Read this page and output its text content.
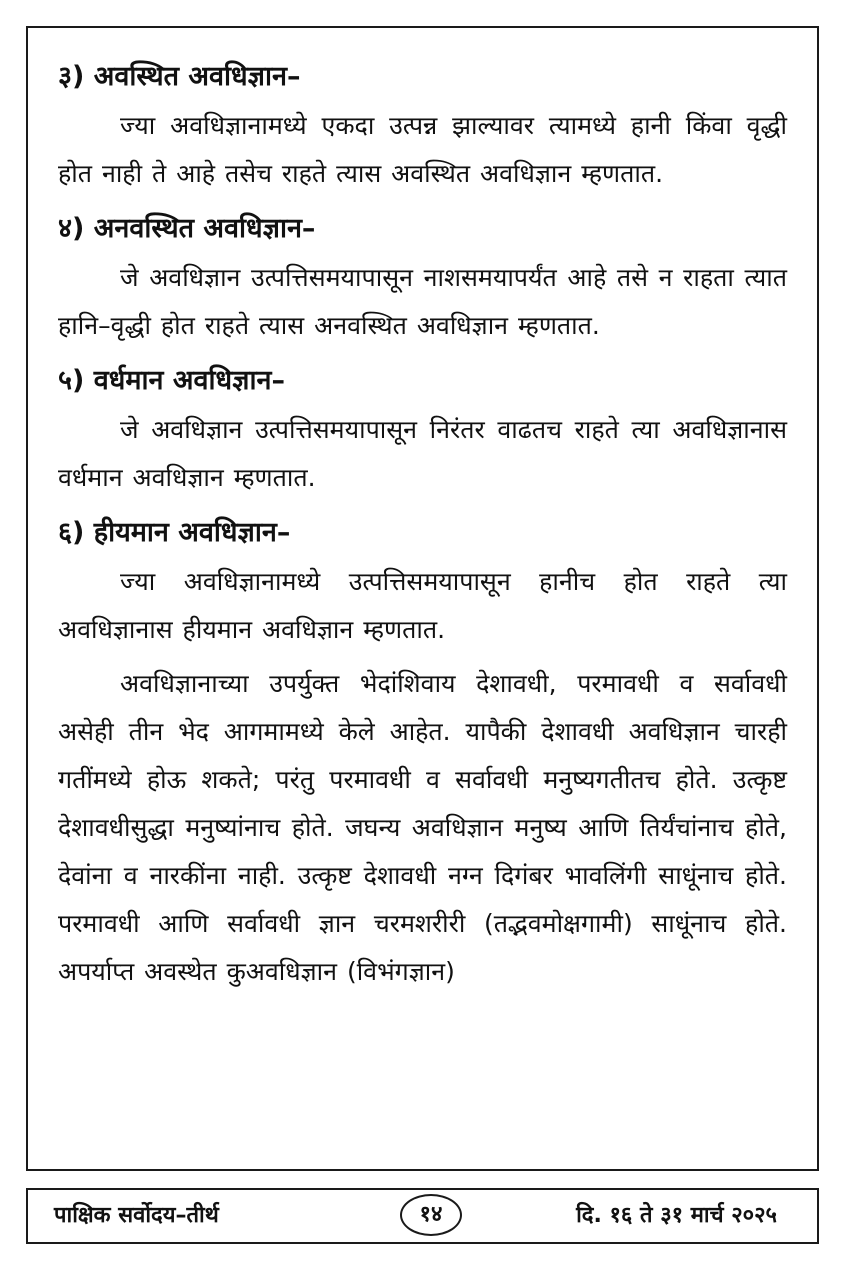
३) अवस्थित अवधिज्ञान–

ज्या अवधिज्ञानामध्ये एकदा उत्पन्न झाल्यावर त्यामध्ये हानी किंवा वृद्धी होत नाही ते आहे तसेच राहते त्यास अवस्थित अवधिज्ञान म्हणतात.

४) अनवस्थित अवधिज्ञान–

जे अवधिज्ञान उत्पत्तिसमयापासून नाशसमयापर्यंत आहे तसे न राहता त्यात हानि–वृद्धी होत राहते त्यास अनवस्थित अवधिज्ञान म्हणतात.

५) वर्धमान अवधिज्ञान–

जे अवधिज्ञान उत्पत्तिसमयापासून निरंतर वाढतच राहते त्या अवधिज्ञानास वर्धमान अवधिज्ञान म्हणतात.

६) हीयमान अवधिज्ञान–

ज्या अवधिज्ञानामध्ये उत्पत्तिसमयापासून हानीच होत राहते त्या अवधिज्ञानास हीयमान अवधिज्ञान म्हणतात.

अवधिज्ञानाच्या उपर्युक्त भेदांशिवाय देशावधी, परमावधी व सर्वावधी असेही तीन भेद आगमामध्ये केले आहेत. यापैकी देशावधी अवधिज्ञान चारही गतींमध्ये होऊ शकते; परंतु परमावधी व सर्वावधी मनुष्यगतीतच होते. उत्कृष्ट देशावधीसुद्धा मनुष्यांनाच होते. जघन्य अवधिज्ञान मनुष्य आणि तिर्यंचांनाच होते, देवांना व नारकींना नाही. उत्कृष्ट देशावधी नग्न दिगंबर भावलिंगी साधूंनाच होते. परमावधी आणि सर्वावधी ज्ञान चरमशरीरी (तद्भवमोक्षगामी) साधूंनाच होते. अपर्याप्त अवस्थेत कुअवधिज्ञान (विभंगज्ञान)

पाक्षिक सर्वोदय–तीर्थ	१४	दि. १६ ते ३१ मार्च २०२५
